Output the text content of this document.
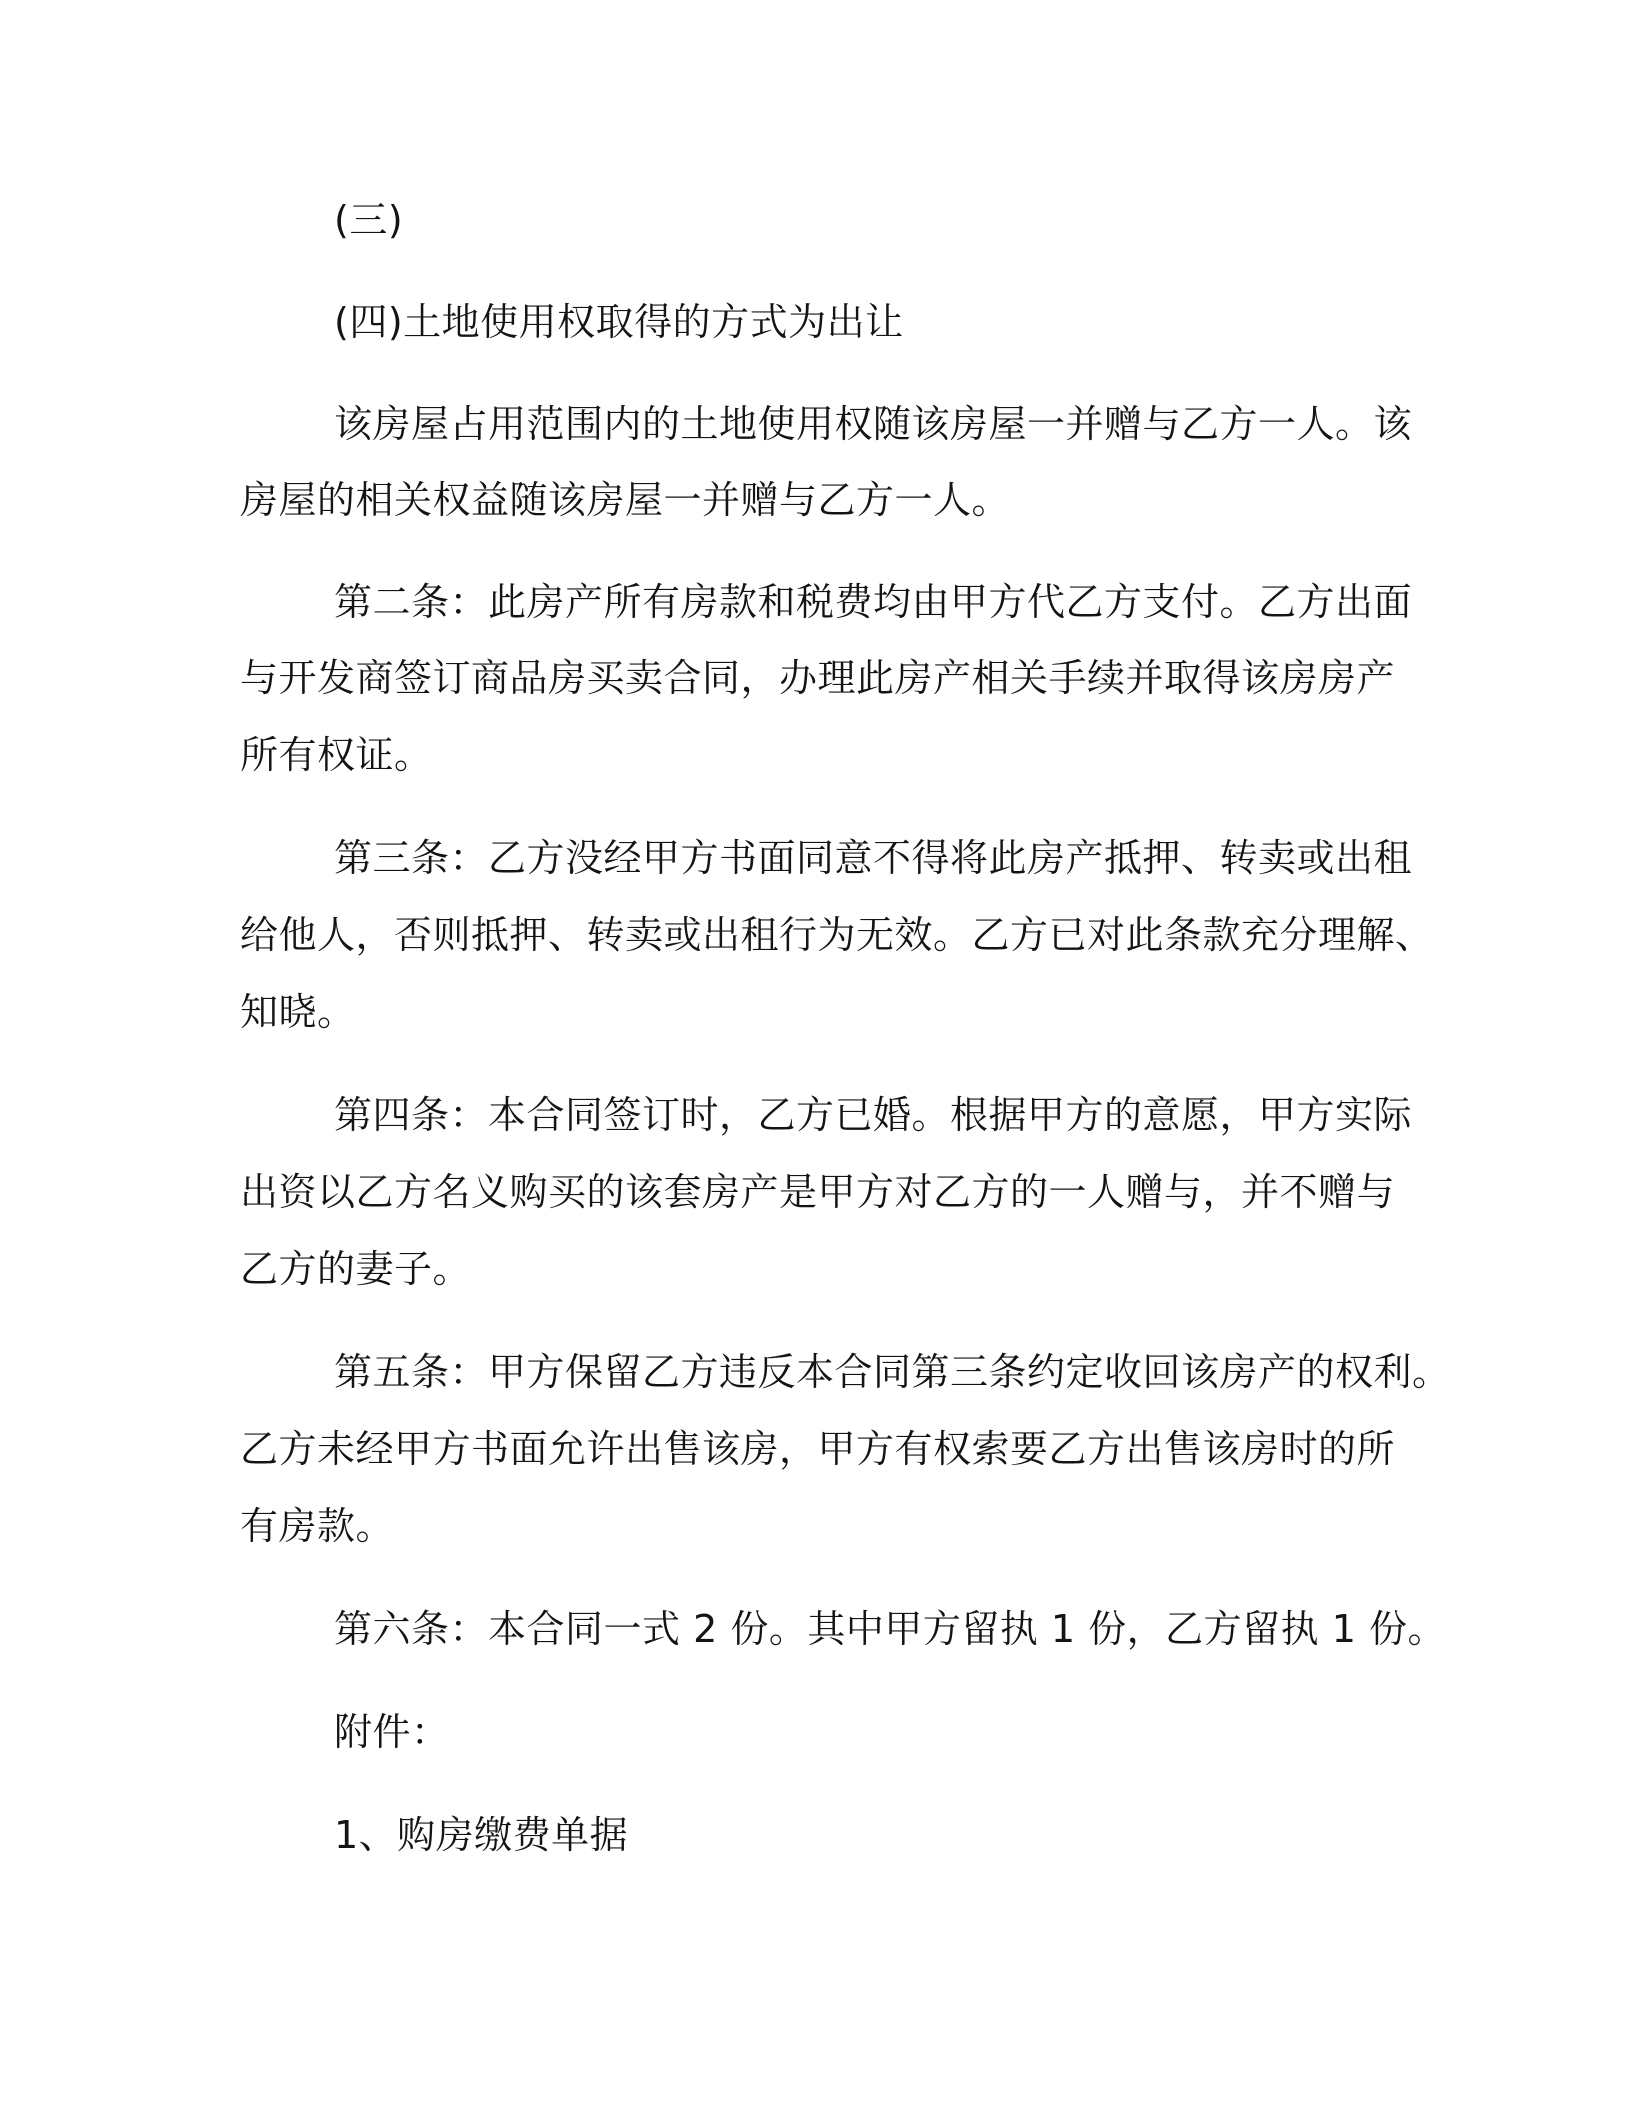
(三)
(四)土地使用权取得的方式为出让
该房屋占用范围内的土地使用权随该房屋一并赠与乙方一人。该
房屋的相关权益随该房屋一并赠与乙方一人。
第二条：此房产所有房款和税费均由甲方代乙方支付。乙方出面
与开发商签订商品房买卖合同，办理此房产相关手续并取得该房房产
所有权证。
第三条：乙方没经甲方书面同意不得将此房产抵押、转卖或出租
给他人，否则抵押、转卖或出租行为无效。乙方已对此条款充分理解、
知晓。
第四条：本合同签订时，乙方已婚。根据甲方的意愿，甲方实际
出资以乙方名义购买的该套房产是甲方对乙方的一人赠与，并不赠与
乙方的妻子。
第五条：甲方保留乙方违反本合同第三条约定收回该房产的权利。
乙方未经甲方书面允许出售该房，甲方有权索要乙方出售该房时的所
有房款。
第六条：本合同一式 2 份。其中甲方留执 1 份，乙方留执 1 份。
附件：
1、购房缴费单据
